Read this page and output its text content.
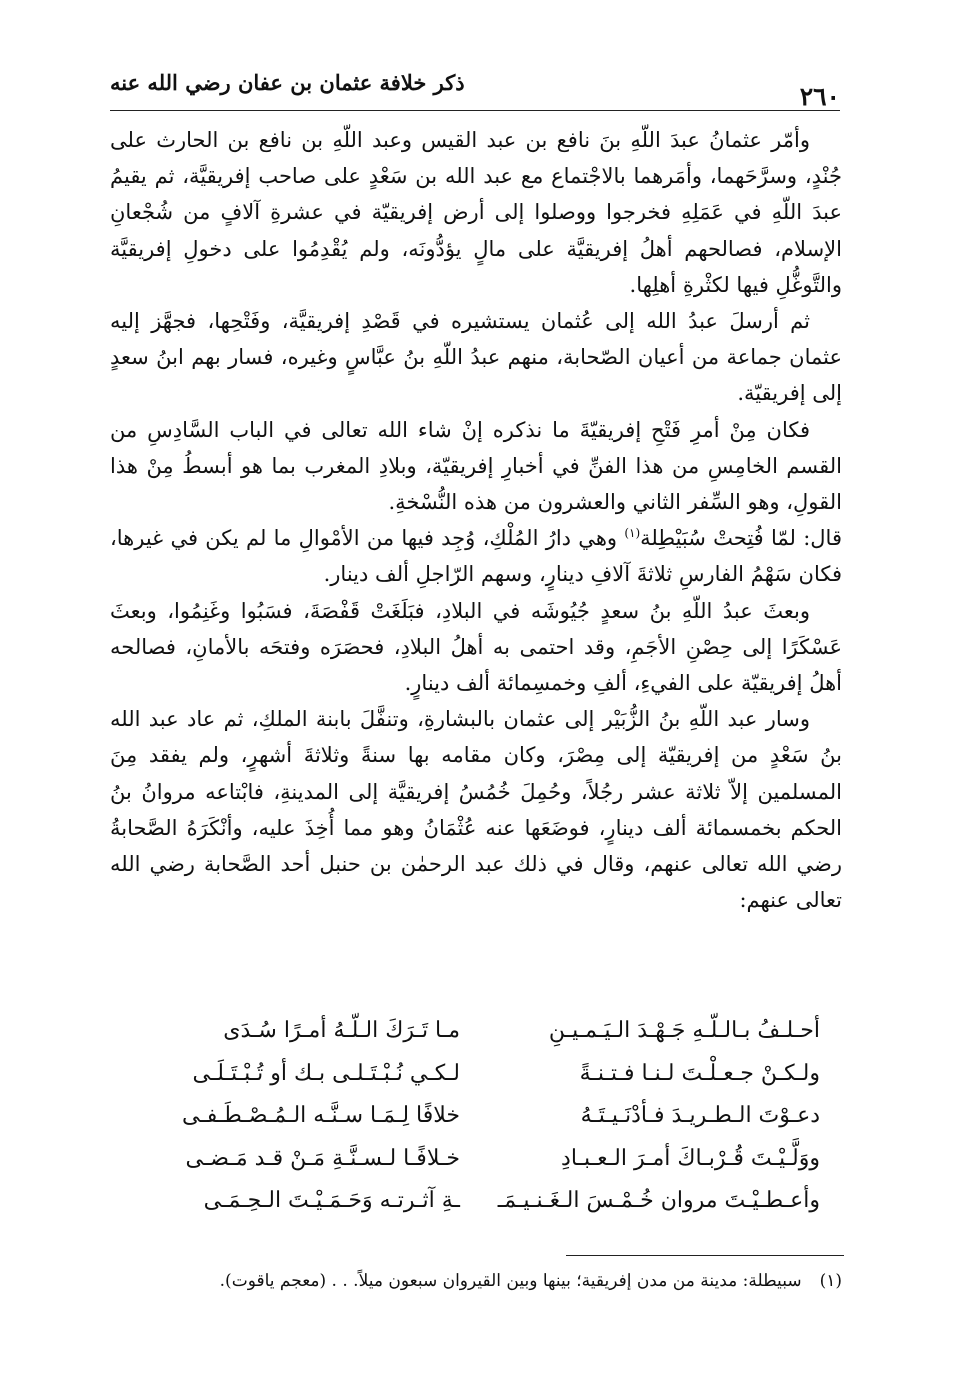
٢٦٠
ذكر خلافة عثمان بن عفان رضي الله عنه

وأمّر عثمانُ عبدَ اللّهِ بنَ نافع بن عبد القيس وعبد اللّهِ بن نافع بن الحارث على جُنْدٍ، وسرَّحَهما، وأمَرهما بالاجْتماع مع عبد الله بن سَعْدٍ على صاحب إفريقيَّة، ثم يقيمُ عبدَ اللّهِ في عَمَلِهِ فخرجوا ووصلوا إلى أرض إفريقيّة في عشرةِ آلافٍ من شُجْعانِ الإسلام، فصالحهم أهلُ إفريقيَّة على مالٍ يؤدُّونَه، ولم يُقْدِمُوا على دخولِ إفريقيَّة والتَّوغُّلِ فيها لكثْرةِ أهلِها.

ثم أرسلَ عبدُ الله إلى عُثمان يستشيره في قَصْدِ إفريقيَّة، وفَتْحِها، فجهَّز إليه عثمان جماعة من أعيان الصّحابة، منهم عبدُ اللّهِ بنُ عبَّاسٍ وغيره، فسار بهم ابنُ سعدٍ إلى إفريقيّة.

فكان مِنْ أمرِ فَتْحِ إفريقيّةَ ما نذكره إنْ شاء الله تعالى في الباب السَّادِسِ من القسم الخامِسِ من هذا الفنِّ في أخبارِ إفريقيّة، وبلادِ المغرب بما هو أبسطُ مِنْ هذا القولِ، وهو السِّفر الثاني والعشرون من هذه النُّسْخةِ.

قال: لمّا فُتِحتْ سُبَيْطِلة$^{(١)}$ وهي دارُ المُلْكِ، وُجِد فيها من الأمْوالِ ما لم يكن في غيرها، فكان سَهْمُ الفارسِ ثلاثةَ آلافِ دينارٍ، وسهم الرّاجلِ ألف دينار.

وبعثَ عبدُ اللّهِ بنُ سعدٍ جُيُوشَه في البلادِ، فبَلَغَتْ قَفْصَةَ، فسَبُوا وغَنِمُوا، وبعثَ عَسْكَرًا إلى حِصْنِ الأجَمِ، وقد احتمى به أهلُ البلادِ، فحصَرَه وفتحَه بالأمانِ، فصالحه أهلُ إفريقيّة على الفيءِ، ألفِ وخمسِمائة ألف دينارٍ.

وسار عبد اللّهِ بنُ الزُّبَيْر إلى عثمان بالبشارةِ، وتنفَّلَ بابنة الملكِ، ثم عاد عبد الله بنُ سَعْدٍ من إفريقيّة إلى مِصْرَ، وكان مقامه بها سنةً وثلاثةَ أشهرٍ، ولم يفقد مِنَ المسلمين إلاّ ثلاثة عشر رجُلاً، وحُمِلَ خُمُسُ إفريقيَّة إلى المدينةِ، فابْتاعه مروانُ بنُ الحكم بخمسمائة ألف دينارٍ، فوضَعَها عنه عُثْمَانُ وهو مما أُخِذَ عليه، وأنْكَرَهُ الصَّحابةُ رضي الله تعالى عنهم، وقال في ذلك عبد الرحمٰن بن حنبل أحد الصَّحابة رضي الله تعالى عنهم:

أحـلـفُ بـالـلّـهِ جَـهْـدَ الـيَـمـيـنِ
مـا تَـرَكَ الـلّـهُ أمـرًا سُـدَى
ولـكـنْ جـعـلْـتَ لـنـا فـتـنـةً
لـكـي نُـبْـتَـلـى بـك أو تُـبْـتَـلَـى
دعـوْتَ الـطـريـدَ فـأدْنَـيـتَـهُ
خلافًا لِـمَـا سـنَّـه الـمُـصْـطَـفـى
ووَلَّـيْـتَ قُـرْبـاكَ أمـرَ الـعـبـادِ
خـلافًـا لـسـنَّـةِ مَـنْ قـد مَـضـى
وأعـطـيْـتَ مروان خُـمْـسَ الـغَـنـيـمَـ
ـةِ آثـرتـه وَحَـمَـيْـتَ الـحِـمَـى
(١)سبيطلة: مدينة من مدن إفريقية؛ بينها وبين القيروان سبعون ميلاً. . . (معجم ياقوت).
